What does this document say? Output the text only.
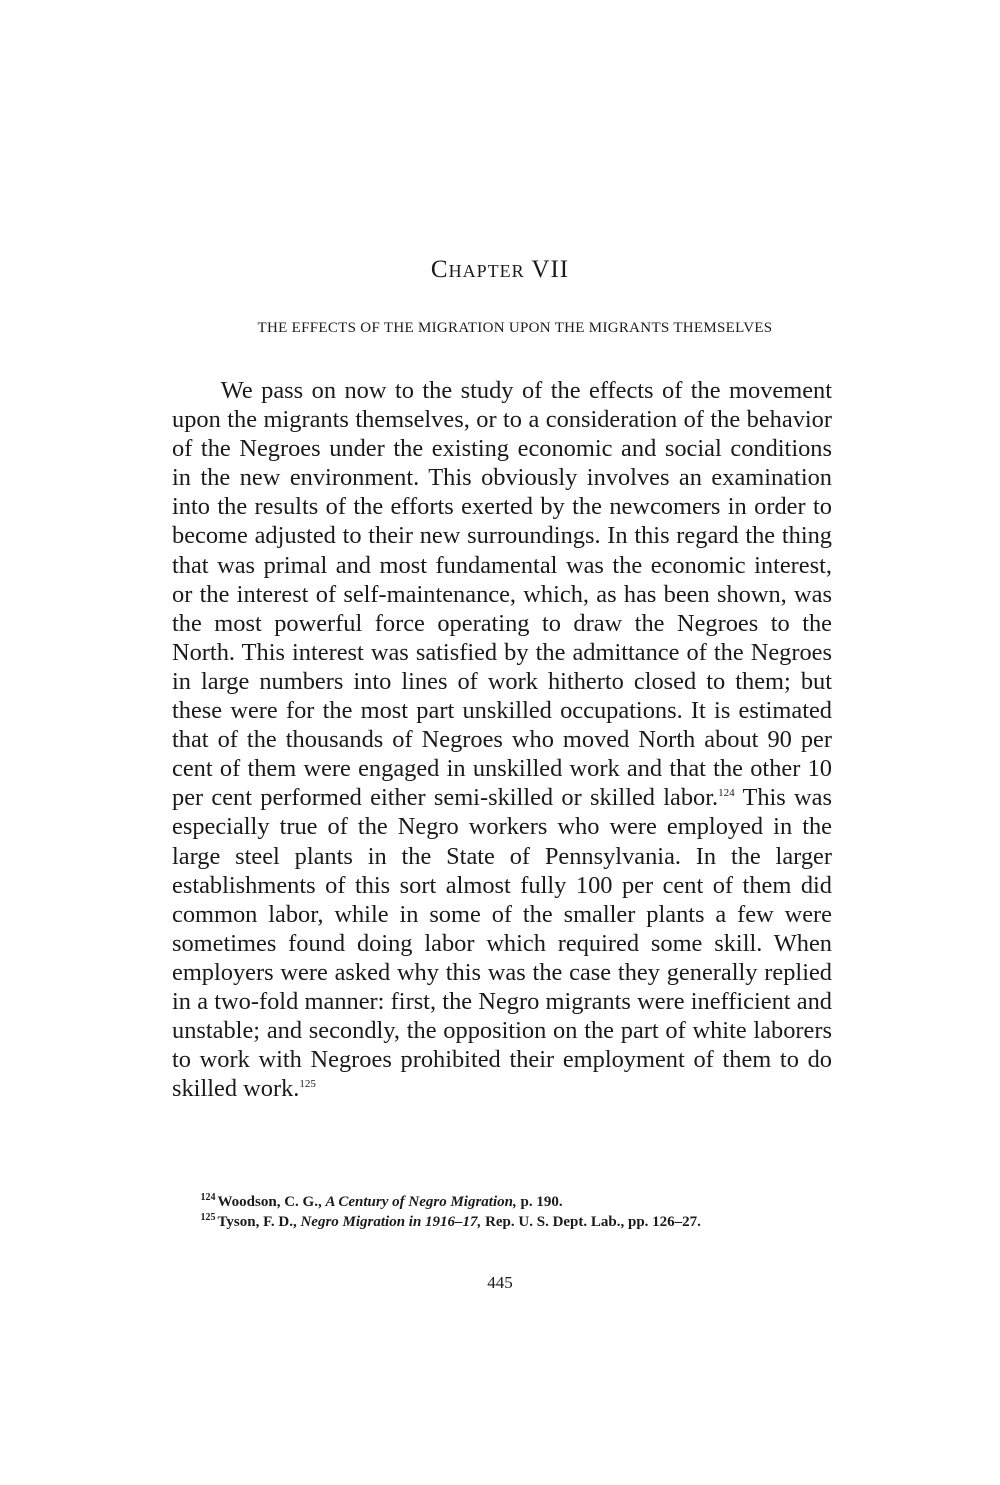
Chapter VII
THE EFFECTS OF THE MIGRATION UPON THE MIGRANTS THEMSELVES

We pass on now to the study of the effects of the movement upon the migrants themselves, or to a consideration of the behavior of the Negroes under the existing economic and social conditions in the new environment. This obviously involves an examination into the results of the efforts exerted by the newcomers in order to become adjusted to their new surroundings. In this regard the thing that was primal and most fundamental was the economic interest, or the interest of self-maintenance, which, as has been shown, was the most powerful force operating to draw the Negroes to the North. This interest was satisfied by the admittance of the Negroes in large numbers into lines of work hitherto closed to them; but these were for the most part unskilled occupations. It is estimated that of the thousands of Negroes who moved North about 90 per cent of them were engaged in unskilled work and that the other 10 per cent performed either semi-skilled or skilled labor.$^{124}$ This was especially true of the Negro workers who were employed in the large steel plants in the State of Pennsylvania. In the larger establishments of this sort almost fully 100 per cent of them did common labor, while in some of the smaller plants a few were sometimes found doing labor which required some skill. When employers were asked why this was the case they generally replied in a two-fold manner: first, the Negro migrants were inefficient and unstable; and secondly, the opposition on the part of white laborers to work with Negroes prohibited their employment of them to do skilled work.$^{125}$

$^{124}$ Woodson, C. G., A Century of Negro Migration, p. 190.

$^{125}$ Tyson, F. D., Negro Migration in 1916–17, Rep. U. S. Dept. Lab., pp. 126–27.

445
